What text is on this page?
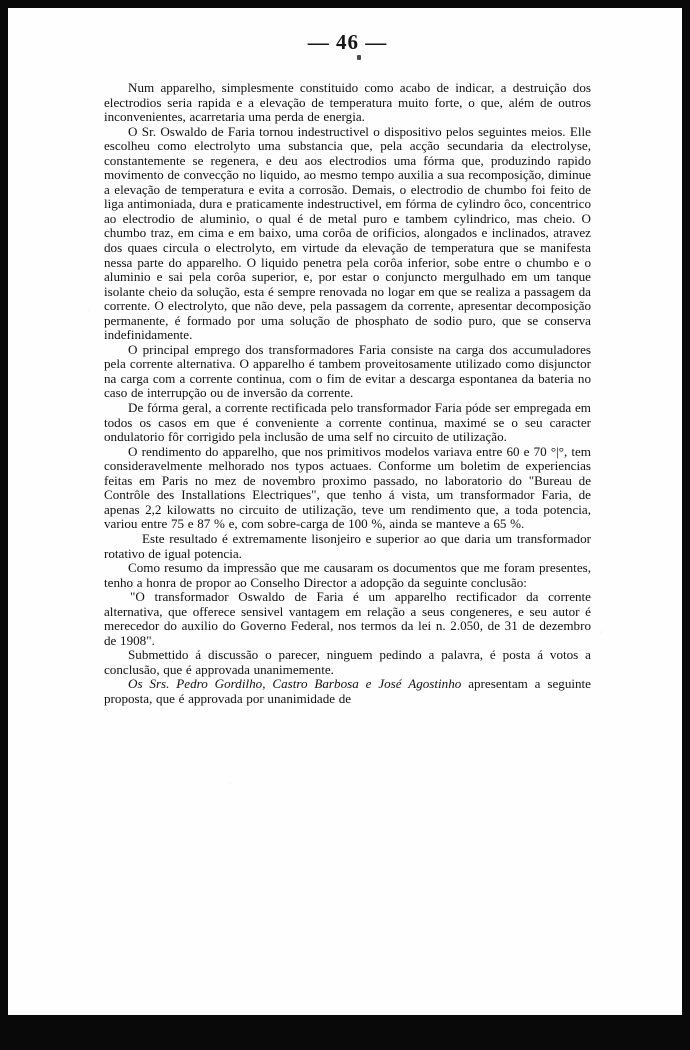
— 46 —

Num apparelho, simplesmente constituido como acabo de indicar, a destruição dos electrodios seria rapida e a elevação de temperatura muito forte, o que, além de outros inconvenientes, acarretaria uma perda de energia.

O Sr. Oswaldo de Faria tornou indestructivel o dispositivo pelos seguintes meios. Elle escolheu como electrolyto uma substancia que, pela acção secundaria da electrolyse, constantemente se regenera, e deu aos electrodios uma fórma que, produzindo rapido movimento de convecção no liquido, ao mesmo tempo auxilia a sua recomposição, diminue a elevação de temperatura e evita a corrosão. Demais, o electrodio de chumbo foi feito de liga antimoniada, dura e praticamente indestructivel, em fórma de cylindro ôco, concentrico ao electrodio de aluminio, o qual é de metal puro e tambem cylindrico, mas cheio. O chumbo traz, em cima e em baixo, uma corôa de orificios, alongados e inclinados, atravez dos quaes circula o electrolyto, em virtude da elevação de temperatura que se manifesta nessa parte do apparelho. O liquido penetra pela corôa inferior, sobe entre o chumbo e o aluminio e sai pela corôa superior, e, por estar o conjuncto mergulhado em um tanque isolante cheio da solução, esta é sempre renovada no logar em que se realiza a passagem da corrente. O electrolyto, que não deve, pela passagem da corrente, apresentar decomposição permanente, é formado por uma solução de phosphato de sodio puro, que se conserva indefinidamente.

O principal emprego dos transformadores Faria consiste na carga dos accumuladores pela corrente alternativa. O apparelho é tambem proveitosamente utilizado como disjunctor na carga com a corrente continua, com o fim de evitar a descarga espontanea da bateria no caso de interrupção ou de inversão da corrente.

De fórma geral, a corrente rectificada pelo transformador Faria póde ser empregada em todos os casos em que é conveniente a corrente continua, maximé se o seu caracter ondulatorio fôr corrigido pela inclusão de uma self no circuito de utilização.

O rendimento do apparelho, que nos primitivos modelos variava entre 60 e 70 °|°, tem consideravelmente melhorado nos typos actuaes. Conforme um boletim de experiencias feitas em Paris no mez de novembro proximo passado, no laboratorio do "Bureau de Contrôle des Installations Electriques", que tenho á vista, um transformador Faria, de apenas 2,2 kilowatts no circuito de utilização, teve um rendimento que, a toda potencia, variou entre 75 e 87 % e, com sobre-carga de 100 %, ainda se manteve a 65 %.

Este resultado é extremamente lisonjeiro e superior ao que daria um transformador rotativo de igual potencia.

Como resumo da impressão que me causaram os documentos que me foram presentes, tenho a honra de propor ao Conselho Director a adopção da seguinte conclusão:

"O transformador Oswaldo de Faria é um apparelho rectificador da corrente alternativa, que offerece sensivel vantagem em relação a seus congeneres, e seu autor é merecedor do auxilio do Governo Federal, nos termos da lei n. 2.050, de 31 de dezembro de 1908".

Submettido á discussão o parecer, ninguem pedindo a palavra, é posta á votos a conclusão, que é approvada unanimemente.

Os Srs. Pedro Gordilho, Castro Barbosa e José Agostinho apresentam a seguinte proposta, que é approvada por unanimidade de
